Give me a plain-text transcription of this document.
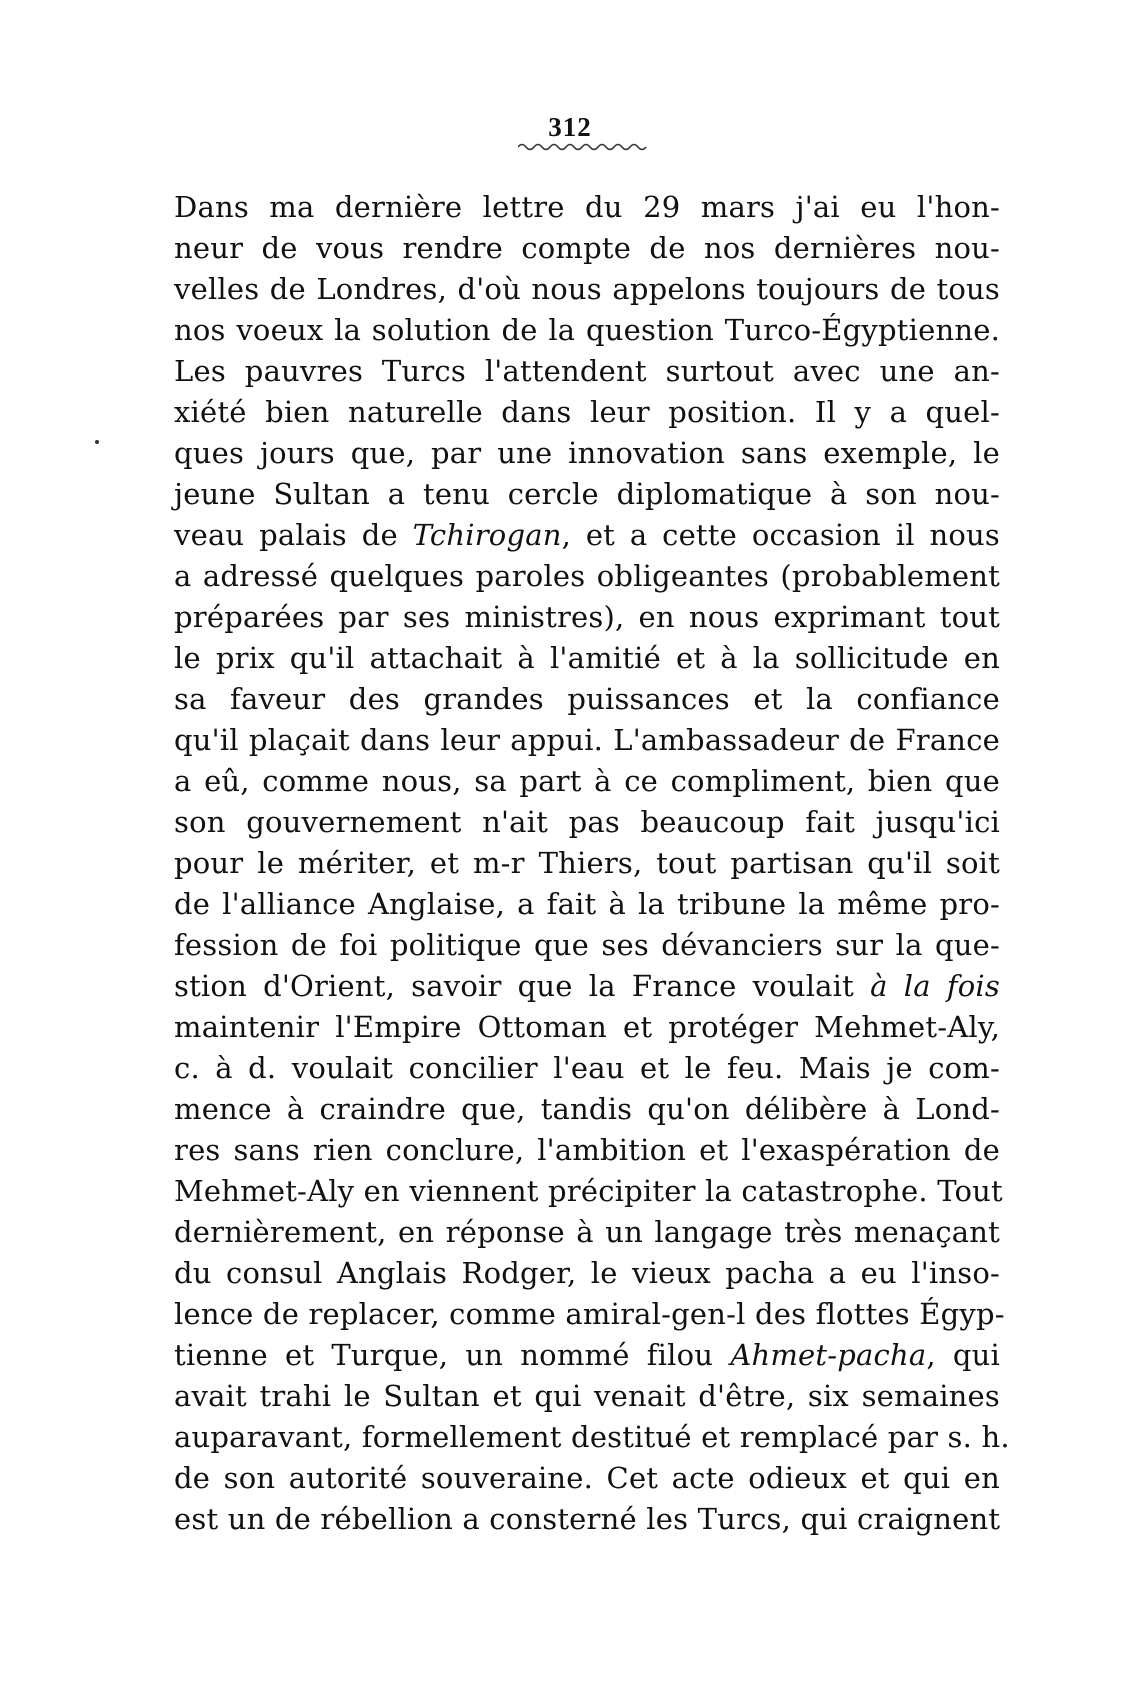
312
Dans ma dernière lettre du 29 mars j'ai eu l'hon-
neur de vous rendre compte de nos dernières nou-
velles de Londres, d'où nous appelons toujours de tous
nos voeux la solution de la question Turco-Égyptienne.
Les pauvres Turcs l'attendent surtout avec une an-
xiété bien naturelle dans leur position. Il y a quel-
ques jours que, par une innovation sans exemple, le
jeune Sultan a tenu cercle diplomatique à son nou-
veau palais de Tchirogan, et a cette occasion il nous
a adressé quelques paroles obligeantes (probablement
préparées par ses ministres), en nous exprimant tout
le prix qu'il attachait à l'amitié et à la sollicitude en
sa faveur des grandes puissances et la confiance
qu'il plaçait dans leur appui. L'ambassadeur de France
a eû, comme nous, sa part à ce compliment, bien que
son gouvernement n'ait pas beaucoup fait jusqu'ici
pour le mériter, et m-r Thiers, tout partisan qu'il soit
de l'alliance Anglaise, a fait à la tribune la même pro-
fession de foi politique que ses dévanciers sur la que-
stion d'Orient, savoir que la France voulait à la fois
maintenir l'Empire Ottoman et protéger Mehmet-Aly,
c. à d. voulait concilier l'eau et le feu. Mais je com-
mence à craindre que, tandis qu'on délibère à Lond-
res sans rien conclure, l'ambition et l'exaspération de
Mehmet-Aly en viennent précipiter la catastrophe. Tout
dernièrement, en réponse à un langage très menaçant
du consul Anglais Rodger, le vieux pacha a eu l'inso-
lence de replacer, comme amiral-gen-l des flottes Égyp-
tienne et Turque, un nommé filou Ahmet-pacha, qui
avait trahi le Sultan et qui venait d'être, six semaines
auparavant, formellement destitué et remplacé par s. h.
de son autorité souveraine. Cet acte odieux et qui en
est un de rébellion a consterné les Turcs, qui craignent
